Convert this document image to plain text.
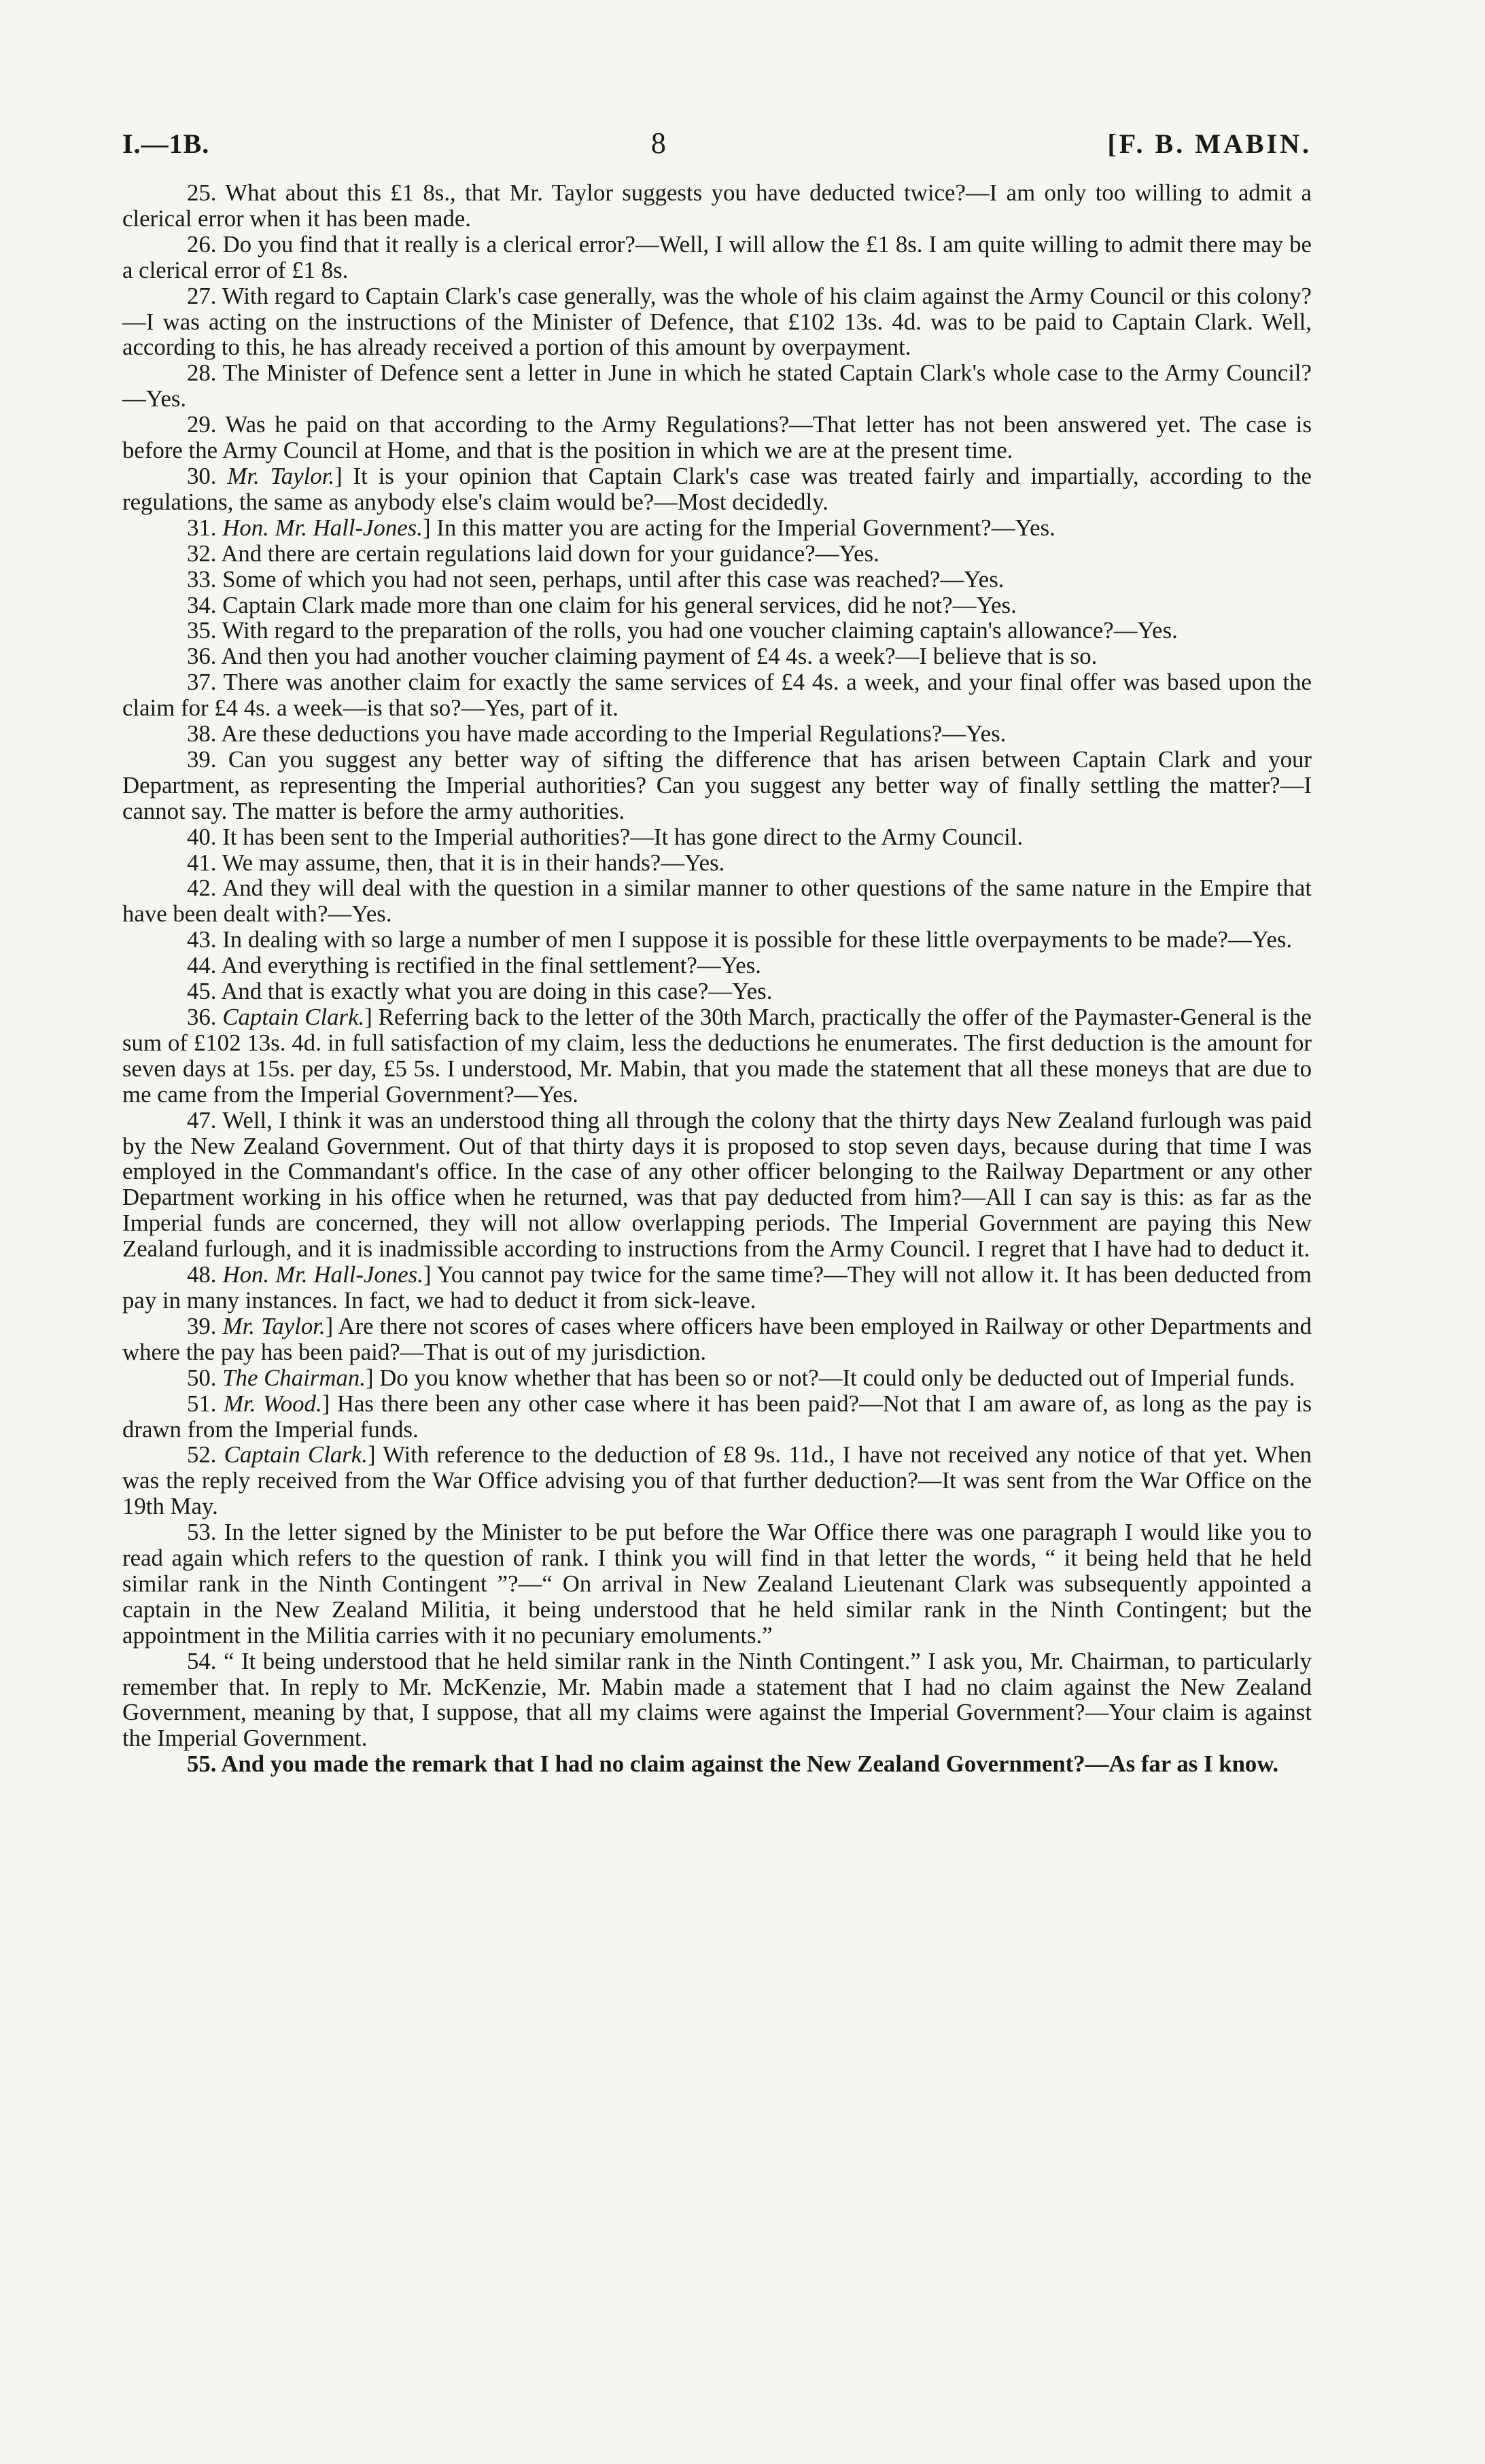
I.—1B.	8	[F. B. MABIN.

25. What about this £1 8s., that Mr. Taylor suggests you have deducted twice?—I am only too willing to admit a clerical error when it has been made.

26. Do you find that it really is a clerical error?—Well, I will allow the £1 8s. I am quite willing to admit there may be a clerical error of £1 8s.

27. With regard to Captain Clark's case generally, was the whole of his claim against the Army Council or this colony?—I was acting on the instructions of the Minister of Defence, that £102 13s. 4d. was to be paid to Captain Clark. Well, according to this, he has already received a portion of this amount by overpayment.

28. The Minister of Defence sent a letter in June in which he stated Captain Clark's whole case to the Army Council?—Yes.

29. Was he paid on that according to the Army Regulations?—That letter has not been answered yet. The case is before the Army Council at Home, and that is the position in which we are at the present time.

30. Mr. Taylor.] It is your opinion that Captain Clark's case was treated fairly and impartially, according to the regulations, the same as anybody else's claim would be?—Most decidedly.

31. Hon. Mr. Hall-Jones.] In this matter you are acting for the Imperial Government?—Yes.

32. And there are certain regulations laid down for your guidance?—Yes.

33. Some of which you had not seen, perhaps, until after this case was reached?—Yes.

34. Captain Clark made more than one claim for his general services, did he not?—Yes.

35. With regard to the preparation of the rolls, you had one voucher claiming captain's allowance?—Yes.

36. And then you had another voucher claiming payment of £4 4s. a week?—I believe that is so.

37. There was another claim for exactly the same services of £4 4s. a week, and your final offer was based upon the claim for £4 4s. a week—is that so?—Yes, part of it.

38. Are these deductions you have made according to the Imperial Regulations?—Yes.

39. Can you suggest any better way of sifting the difference that has arisen between Captain Clark and your Department, as representing the Imperial authorities? Can you suggest any better way of finally settling the matter?—I cannot say. The matter is before the army authorities.

40. It has been sent to the Imperial authorities?—It has gone direct to the Army Council.

41. We may assume, then, that it is in their hands?—Yes.

42. And they will deal with the question in a similar manner to other questions of the same nature in the Empire that have been dealt with?—Yes.

43. In dealing with so large a number of men I suppose it is possible for these little overpayments to be made?—Yes.

44. And everything is rectified in the final settlement?—Yes.

45. And that is exactly what you are doing in this case?—Yes.

36. Captain Clark.] Referring back to the letter of the 30th March, practically the offer of the Paymaster-General is the sum of £102 13s. 4d. in full satisfaction of my claim, less the deductions he enumerates. The first deduction is the amount for seven days at 15s. per day, £5 5s. I understood, Mr. Mabin, that you made the statement that all these moneys that are due to me came from the Imperial Government?—Yes.

47. Well, I think it was an understood thing all through the colony that the thirty days New Zealand furlough was paid by the New Zealand Government. Out of that thirty days it is proposed to stop seven days, because during that time I was employed in the Commandant's office. In the case of any other officer belonging to the Railway Department or any other Department working in his office when he returned, was that pay deducted from him?—All I can say is this: as far as the Imperial funds are concerned, they will not allow overlapping periods. The Imperial Government are paying this New Zealand furlough, and it is inadmissible according to instructions from the Army Council. I regret that I have had to deduct it.

48. Hon. Mr. Hall-Jones.] You cannot pay twice for the same time?—They will not allow it. It has been deducted from pay in many instances. In fact, we had to deduct it from sick-leave.

39. Mr. Taylor.] Are there not scores of cases where officers have been employed in Railway or other Departments and where the pay has been paid?—That is out of my jurisdiction.

50. The Chairman.] Do you know whether that has been so or not?—It could only be deducted out of Imperial funds.

51. Mr. Wood.] Has there been any other case where it has been paid?—Not that I am aware of, as long as the pay is drawn from the Imperial funds.

52. Captain Clark.] With reference to the deduction of £8 9s. 11d., I have not received any notice of that yet. When was the reply received from the War Office advising you of that further deduction?—It was sent from the War Office on the 19th May.

53. In the letter signed by the Minister to be put before the War Office there was one paragraph I would like you to read again which refers to the question of rank. I think you will find in that letter the words, “ it being held that he held similar rank in the Ninth Contingent ”?—“ On arrival in New Zealand Lieutenant Clark was subsequently appointed a captain in the New Zealand Militia, it being understood that he held similar rank in the Ninth Contingent; but the appointment in the Militia carries with it no pecuniary emoluments.”

54. “ It being understood that he held similar rank in the Ninth Contingent.” I ask you, Mr. Chairman, to particularly remember that. In reply to Mr. McKenzie, Mr. Mabin made a statement that I had no claim against the New Zealand Government, meaning by that, I suppose, that all my claims were against the Imperial Government?—Your claim is against the Imperial Government.

55. And you made the remark that I had no claim against the New Zealand Government?—As far as I know.
